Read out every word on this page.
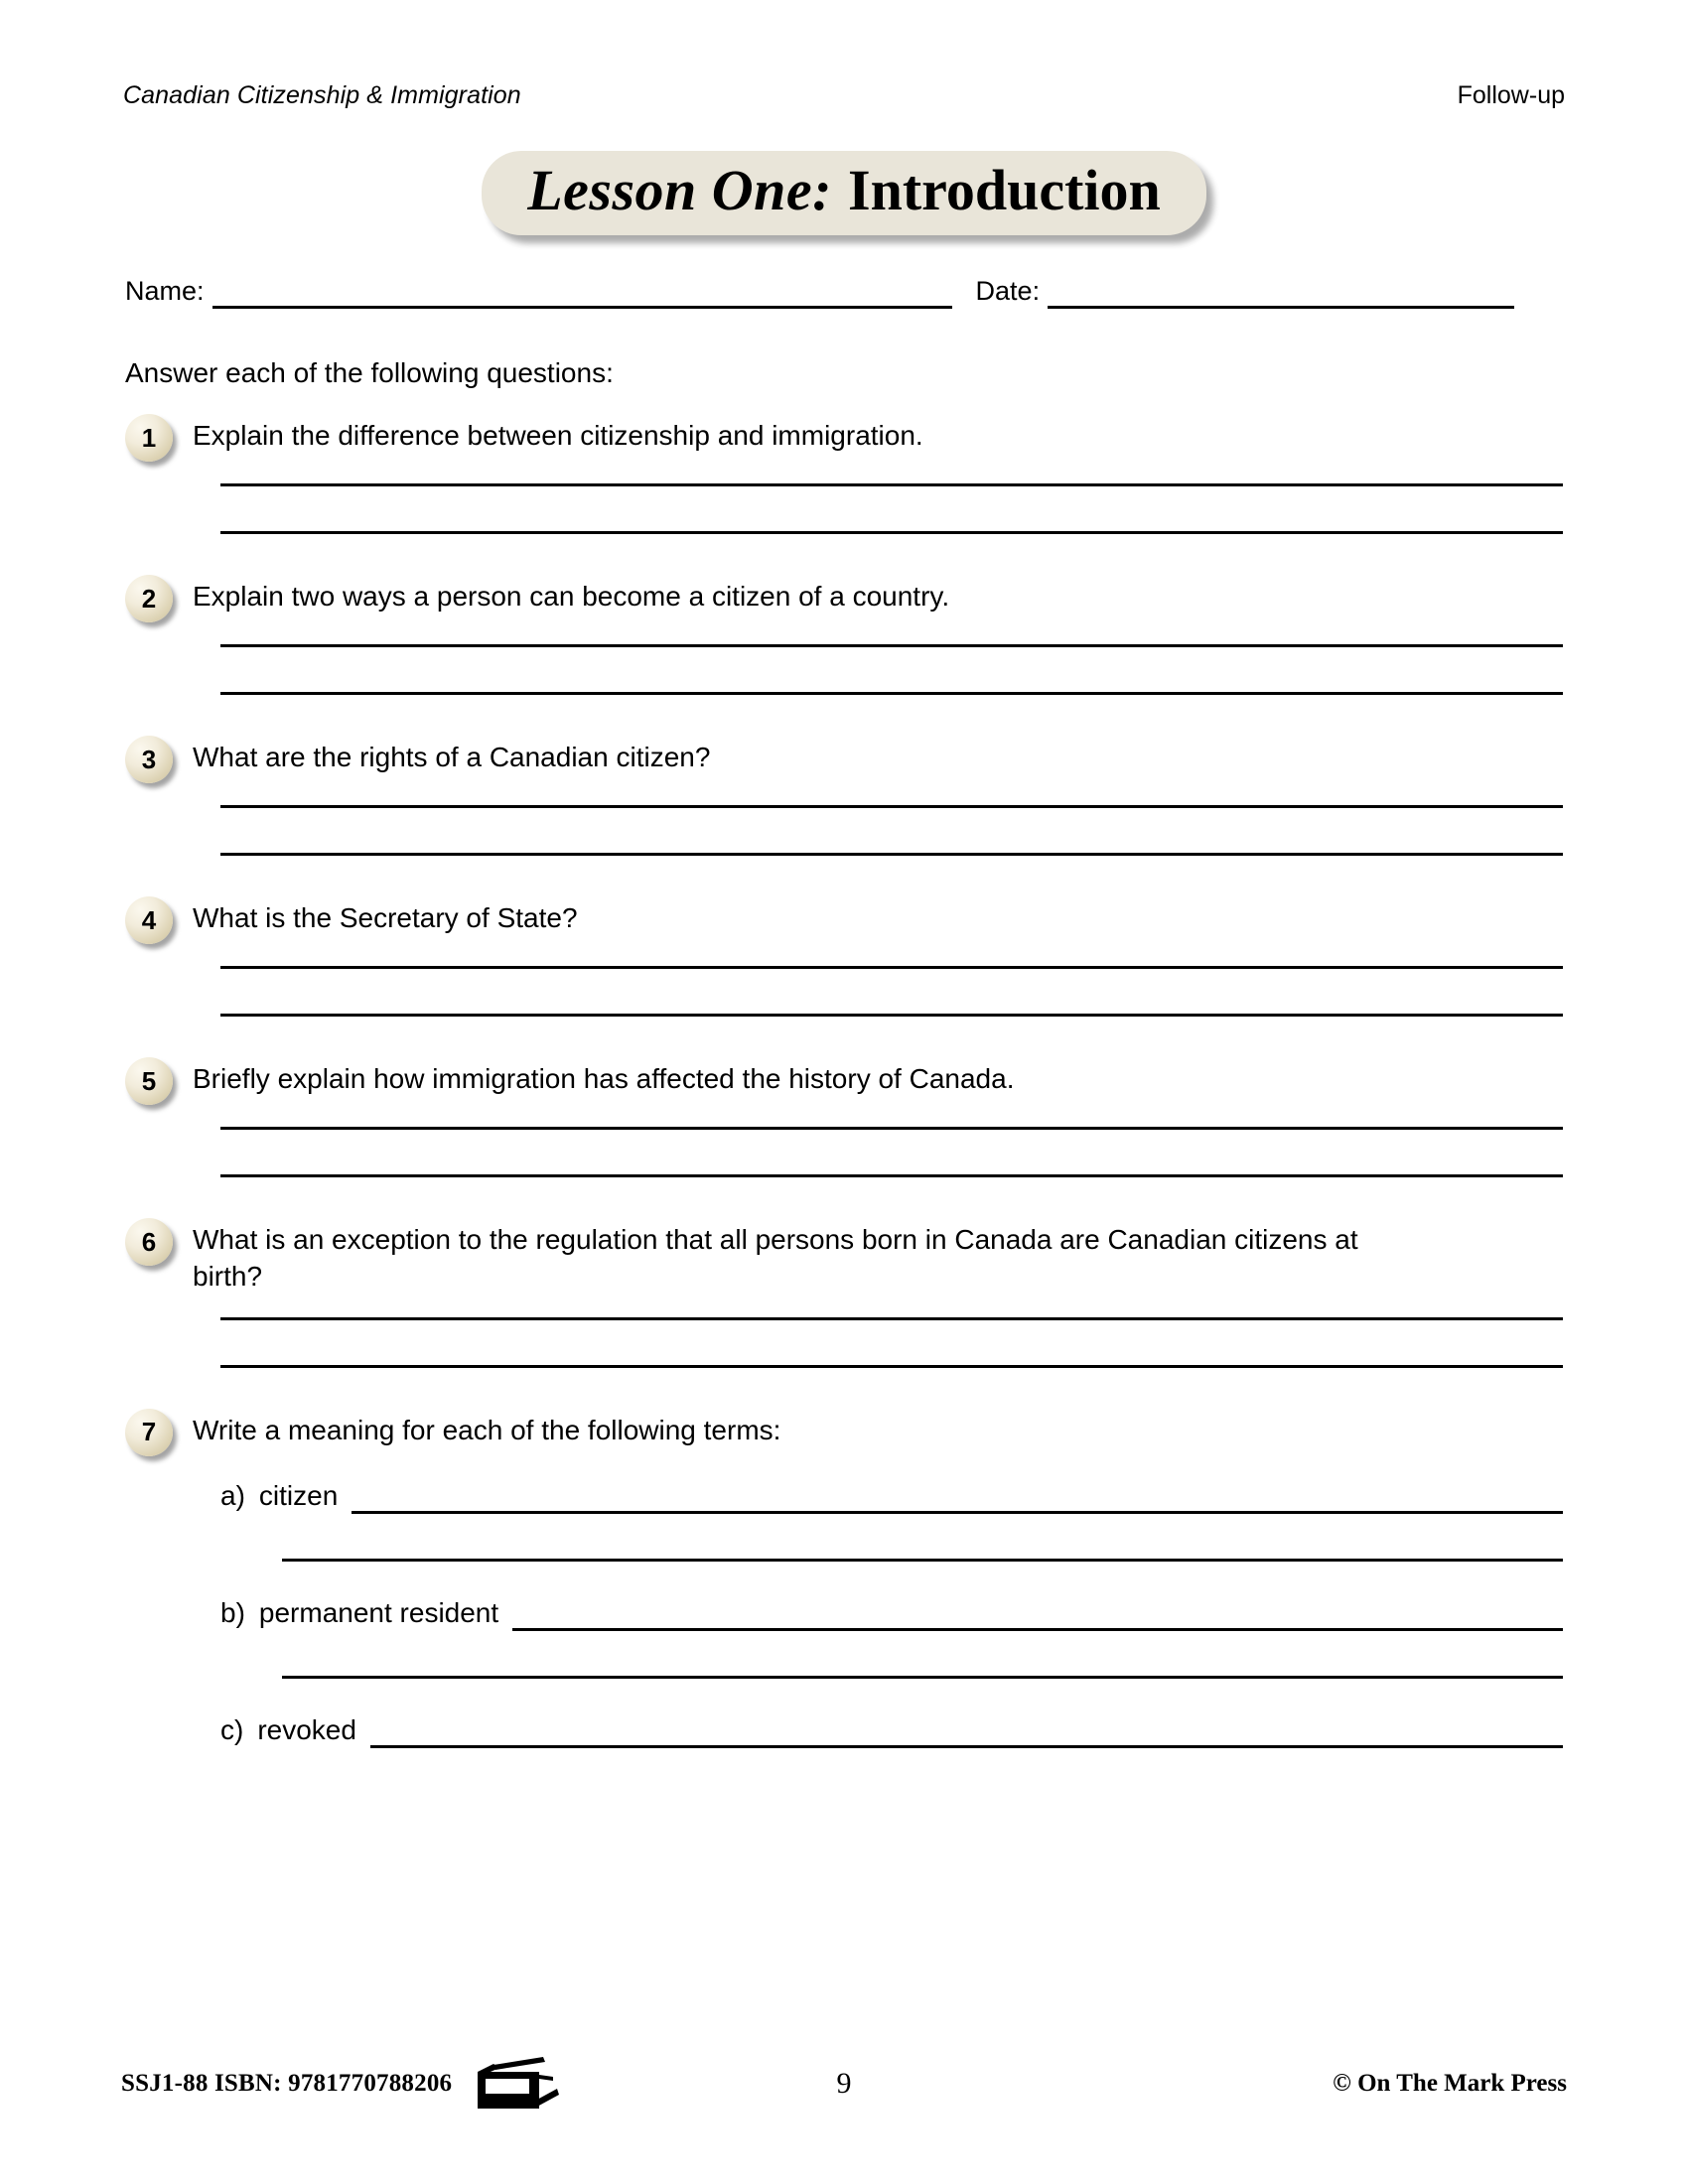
Canadian Citizenship & Immigration	Follow-up
Lesson One: Introduction
Name:	Date:
Answer each of the following questions:
1	Explain the difference between citizenship and immigration.
2	Explain two ways a person can become a citizen of a country.
3	What are the rights of a Canadian citizen?
4	What is the Secretary of State?
5	Briefly explain how immigration has affected the history of Canada.
6	What is an exception to the regulation that all persons born in Canada are Canadian citizens at birth?
7	Write a meaning for each of the following terms:
a) citizen
b) permanent resident
c) revoked
SSJ1-88 ISBN: 9781770788206	9	© On The Mark Press
